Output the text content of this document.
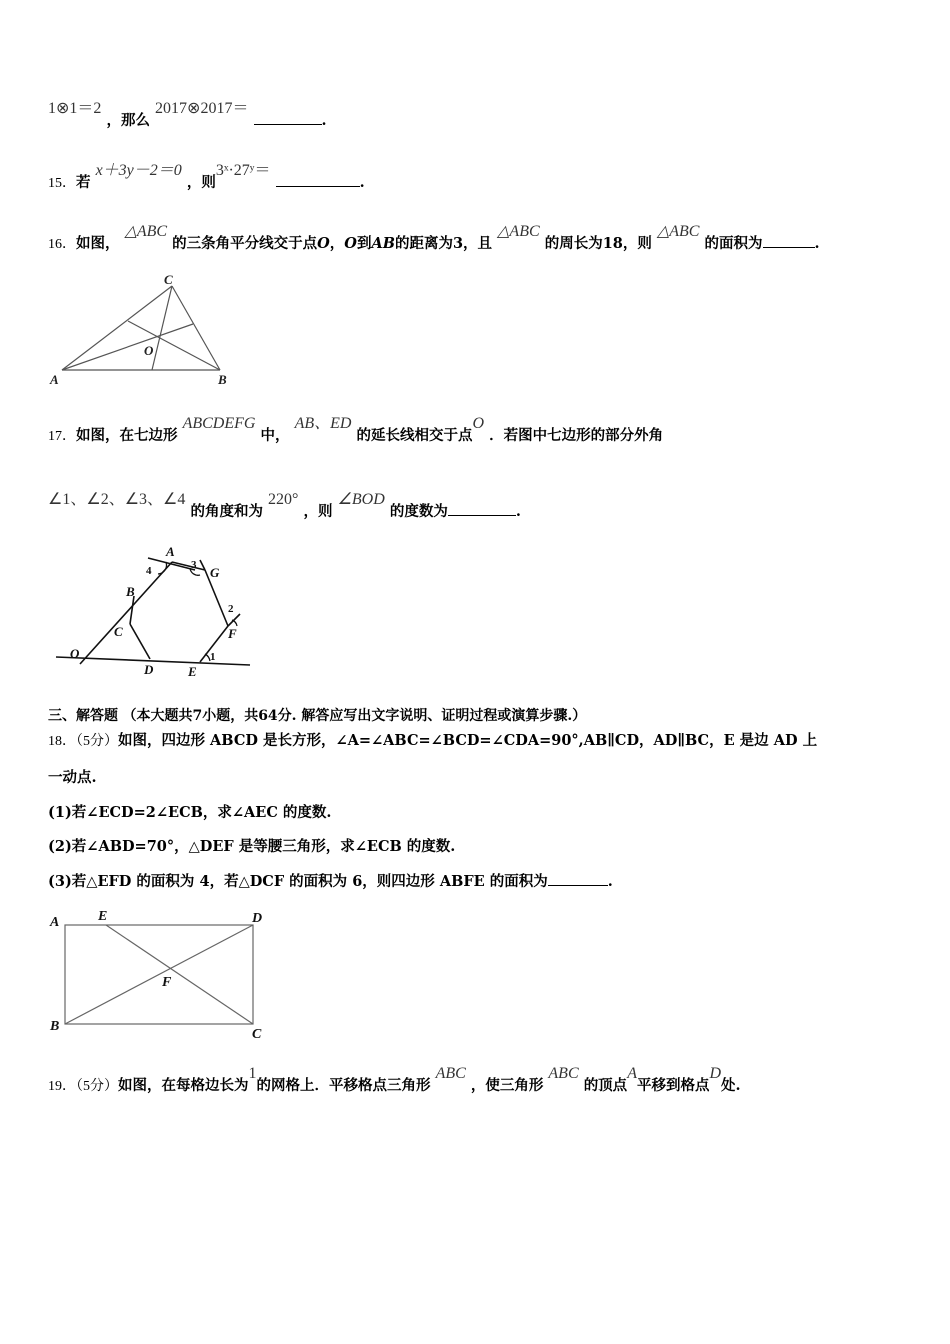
1⊗1＝2 ，那么 2017⊗2017＝ .
15．若 x＋3y－2＝0 ，则3ˣ·27ʸ＝ .
16．如图， △ABC 的三条角平分线交于点O，O到AB的距离为3，且 △ABC 的周长为18，则 △ABC 的面积为	.
A	B
C
O
17．如图，在七边形 ABCDEFG 中， AB、ED 的延长线相交于点O ．若图中七边形的部分外角
∠1、∠2、∠3、∠4 的角度和为 220° ，则 ∠BOD 的度数为	.
A
G
F
E
D
C
B
O	1
2
3
4
三、解答题 （本大题共7小题，共64分. 解答应写出文字说明、证明过程或演算步骤.）
18．（5分）如图，四边形 ABCD 是长方形，∠A=∠ABC=∠BCD=∠CDA=90°,AB∥CD，AD∥BC，E 是边 AD 上
一动点.
(1)若∠ECD=2∠ECB，求∠AEC 的度数.
(2)若∠ABD=70°，△DEF 是等腰三角形，求∠ECB 的度数.
(3)若△EFD 的面积为 4，若△DCF 的面积为 6，则四边形 ABFE 的面积为	.
A	E	D
B
C
F
19．（5分）如图，在每格边长为1的网格上．平移格点三角形 ABC ，使三角形 ABC 的顶点A平移到格点D处.
